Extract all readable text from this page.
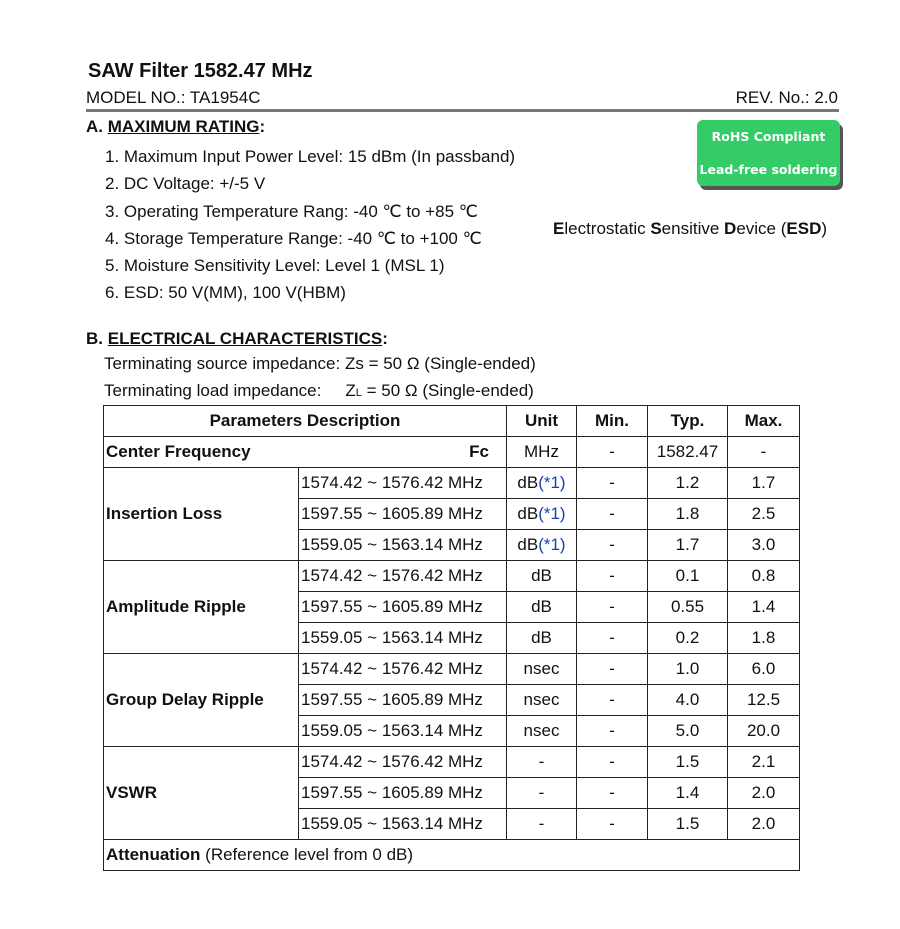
SAW Filter 1582.47 MHz
MODEL NO.: TA1954C	REV. No.: 2.0
A. MAXIMUM RATING:
1. Maximum Input Power Level: 15 dBm (In passband)
2. DC Voltage: +/-5 V
3. Operating Temperature Rang: -40 ℃ to +85 ℃
4. Storage Temperature Range: -40 ℃ to +100 ℃
5. Moisture Sensitivity Level: Level 1 (MSL 1)
6. ESD: 50 V(MM), 100 V(HBM)
RoHS Compliant
Lead-free soldering
Electrostatic Sensitive Device (ESD)
B. ELECTRICAL CHARACTERISTICS:
Terminating source impedance: Zs = 50 Ω (Single-ended)
Terminating load impedance: ZL = 50 Ω (Single-ended)
Parameters Description		Unit	Min.	Typ.	Max.

Center Frequency Fc		MHz	-	1582.47	-
Insertion Loss	1574.42 ~ 1576.42 MHz	dB(*1)	-	1.2	1.7
	1597.55 ~ 1605.89 MHz	dB(*1)	-	1.8	2.5
	1559.05 ~ 1563.14 MHz	dB(*1)	-	1.7	3.0
Amplitude Ripple	1574.42 ~ 1576.42 MHz	dB	-	0.1	0.8
	1597.55 ~ 1605.89 MHz	dB	-	0.55	1.4
	1559.05 ~ 1563.14 MHz	dB	-	0.2	1.8
Group Delay Ripple	1574.42 ~ 1576.42 MHz	nsec	-	1.0	6.0
	1597.55 ~ 1605.89 MHz	nsec	-	4.0	12.5
	1559.05 ~ 1563.14 MHz	nsec	-	5.0	20.0
VSWR	1574.42 ~ 1576.42 MHz	-	-	1.5	2.1
	1597.55 ~ 1605.89 MHz	-	-	1.4	2.0
	1559.05 ~ 1563.14 MHz	-	-	1.5	2.0
Attenuation (Reference level from 0 dB)					
